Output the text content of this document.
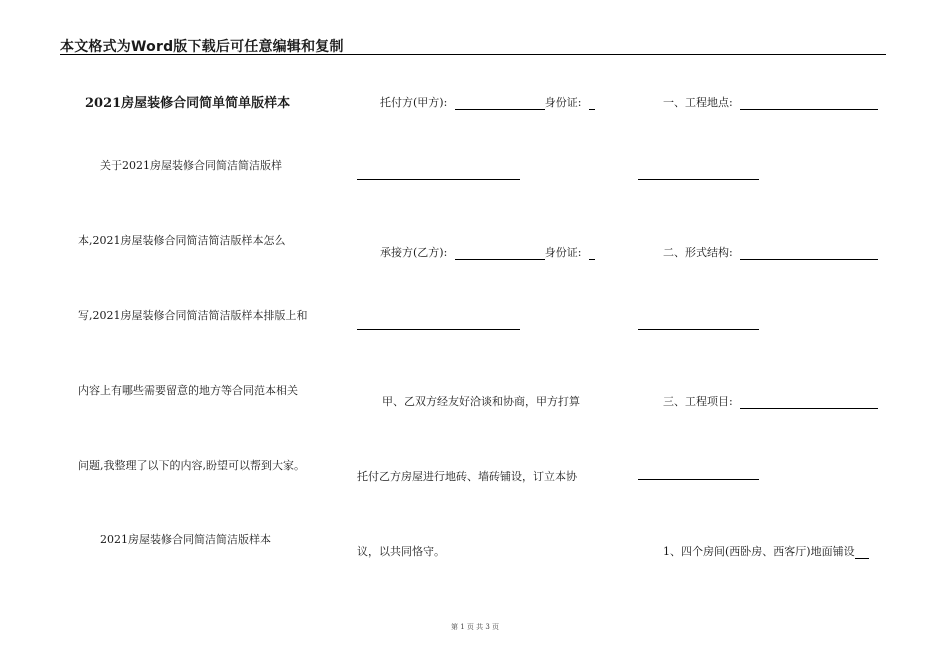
本文格式为Word版下载后可任意编辑和复制
2021房屋装修合同简单简单版样本
关于2021房屋装修合同简洁简洁版样
本,2021房屋装修合同简洁简洁版样本怎么
写,2021房屋装修合同简洁简洁版样本排版上和
内容上有哪些需要留意的地方等合同范本相关
问题,我整理了以下的内容,盼望可以帮到大家。
2021房屋装修合同简洁简洁版样本
托付方(甲方):	身份证:
承接方(乙方):	身份证:
甲、乙双方经友好洽谈和协商，甲方打算
托付乙方房屋进行地砖、墙砖铺设，订立本协
议，以共同恪守。
一、工程地点:
二、形式结构:
三、工程项目:
1、四个房间(西卧房、西客厅)地面铺设
第 1 页 共 3 页
